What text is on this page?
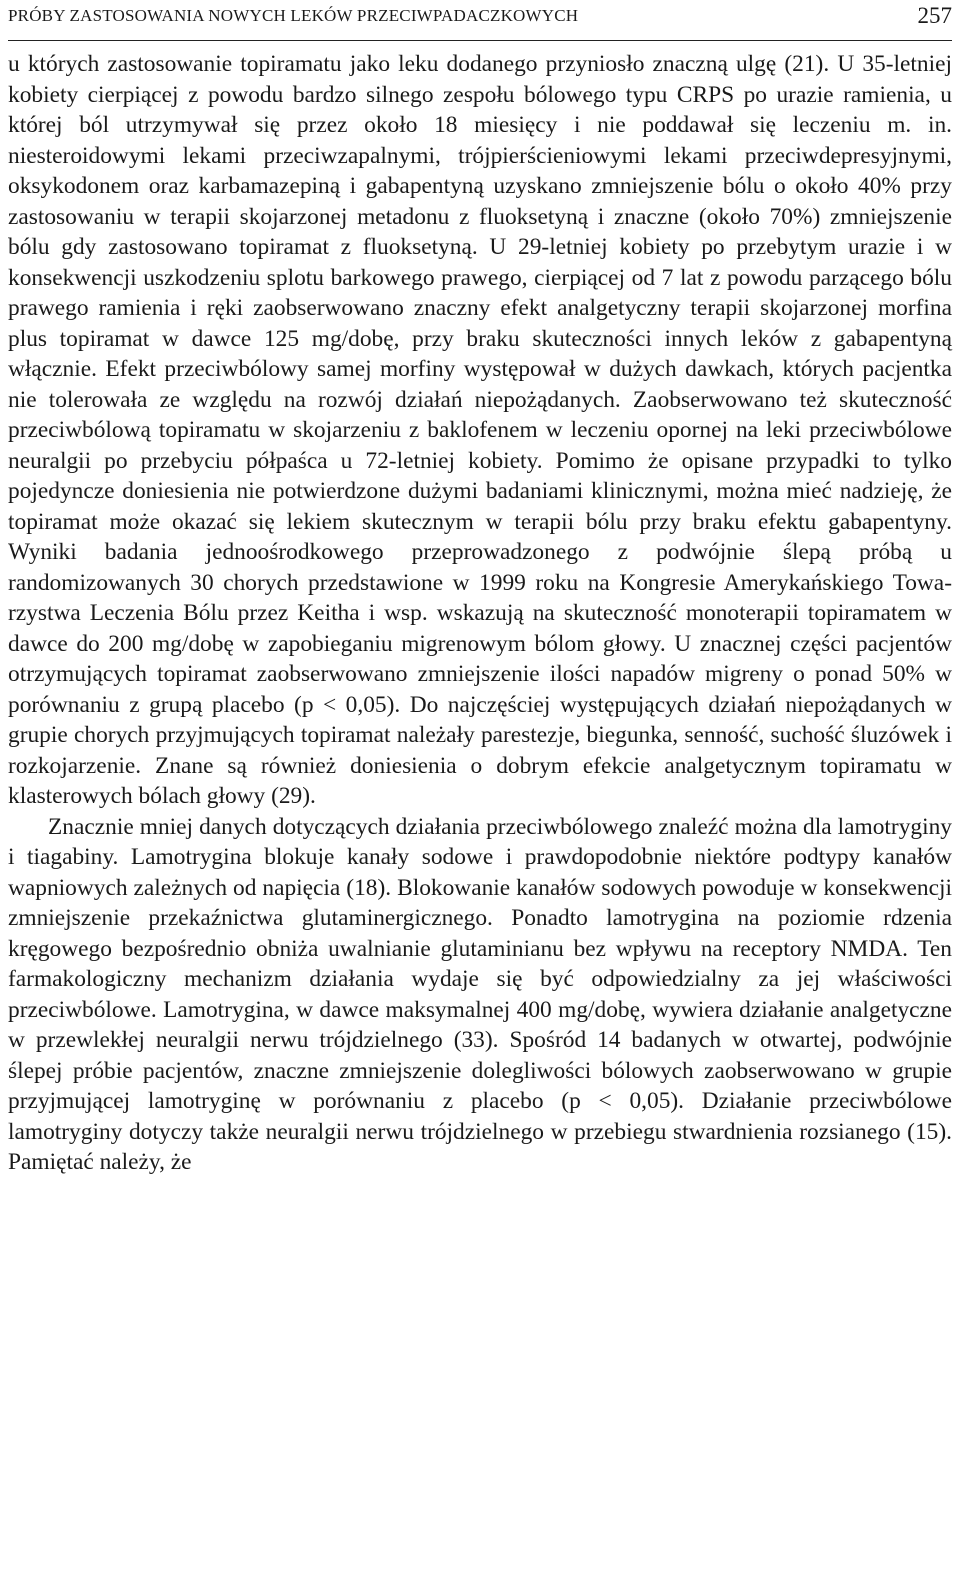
PRÓBY ZASTOSOWANIA NOWYCH LEKÓW PRZECIWPADACZKOWYCH	257

u których zastosowanie topiramatu jako leku dodanego przyniosło znaczną ulgę (21). U 35-letniej kobiety cierpiącej z powodu bardzo silnego zespołu bólowego typu CRPS po urazie ramienia, u której ból utrzymywał się przez około 18 miesięcy i nie poddawał się leczeniu m. in. niesteroidowymi lekami przeciwzapalnymi, trójpierścieniowymi lekami przeciwdepresyjnymi, oksykodonem oraz karbamazepiną i gabapentyną uzyskano zmniejszenie bólu o około 40% przy zastosowaniu w terapii skojarzonej metadonu z fluoksetyną i znaczne (około 70%) zmniejszenie bólu gdy zastosowano topiramat z fluoksetyną. U 29-letniej kobiety po przebytym urazie i w konsekwencji uszkodzeniu splotu barkowego prawego, cierpiącej od 7 lat z powodu parzącego bólu prawego ramienia i ręki zaobserwowano znaczny efekt analgetyczny terapii skojarzonej morfina plus topiramat w dawce 125 mg/dobę, przy braku skuteczności innych leków z gabapentyną włącznie. Efekt przeciwbólowy samej morfiny występował w dużych dawkach, których pacjentka nie tolerowała ze względu na rozwój działań niepożądanych. Zaobserwowano też skuteczność przeciwbólową topiramatu w skojarzeniu z baklofenem w leczeniu opornej na leki przeciwbólowe neuralgii po przebyciu półpaśca u 72-letniej kobiety. Pomimo że opisane przypadki to tylko pojedyncze doniesienia nie potwierdzone dużymi badaniami klinicznymi, można mieć nadzieję, że topiramat może okazać się lekiem skutecznym w terapii bólu przy braku efektu gabapentyny. Wyniki badania jednoośrodkowego przeprowadzonego z podwójnie ślepą próbą u randomizowanych 30 chorych przedstawione w 1999 roku na Kongresie Amerykańskiego Towarzystwa Leczenia Bólu przez Keitha i wsp. wskazują na skuteczność monoterapii topiramatem w dawce do 200 mg/dobę w zapobieganiu migrenowym bólom głowy. U znacznej części pacjentów otrzymujących topiramat zaobserwowano zmniejszenie ilości napadów migreny o ponad 50% w porównaniu z grupą placebo (p < 0,05). Do najczęściej występujących działań niepożądanych w grupie chorych przyjmujących topiramat należały parestezje, biegunka, senność, suchość śluzówek i rozkojarzenie. Znane są również doniesienia o dobrym efekcie analgetycznym topiramatu w klasterowych bólach głowy (29).

Znacznie mniej danych dotyczących działania przeciwbólowego znaleźć można dla lamotryginy i tiagabiny. Lamotrygina blokuje kanały sodowe i prawdopodobnie niektóre podtypy kanałów wapniowych zależnych od napięcia (18). Blokowanie kanałów sodowych powoduje w konsekwencji zmniejszenie przekaźnictwa glutaminergicznego. Ponadto lamotrygina na poziomie rdzenia kręgowego bezpośrednio obniża uwalnianie glutaminianu bez wpływu na receptory NMDA. Ten farmakologiczny mechanizm działania wydaje się być odpowiedzialny za jej właściwości przeciwbólowe. Lamotrygina, w dawce maksymalnej 400 mg/dobę, wywiera działanie analgetyczne w przewlekłej neuralgii nerwu trójdzielnego (33). Spośród 14 badanych w otwartej, podwójnie ślepej próbie pacjentów, znaczne zmniejszenie dolegliwości bólowych zaobserwowano w grupie przyjmującej lamotryginę w porównaniu z placebo (p < 0,05). Działanie przeciwbólowe lamotryginy dotyczy także neuralgii nerwu trójdzielnego w przebiegu stwardnienia rozsianego (15). Pamiętać należy, że
